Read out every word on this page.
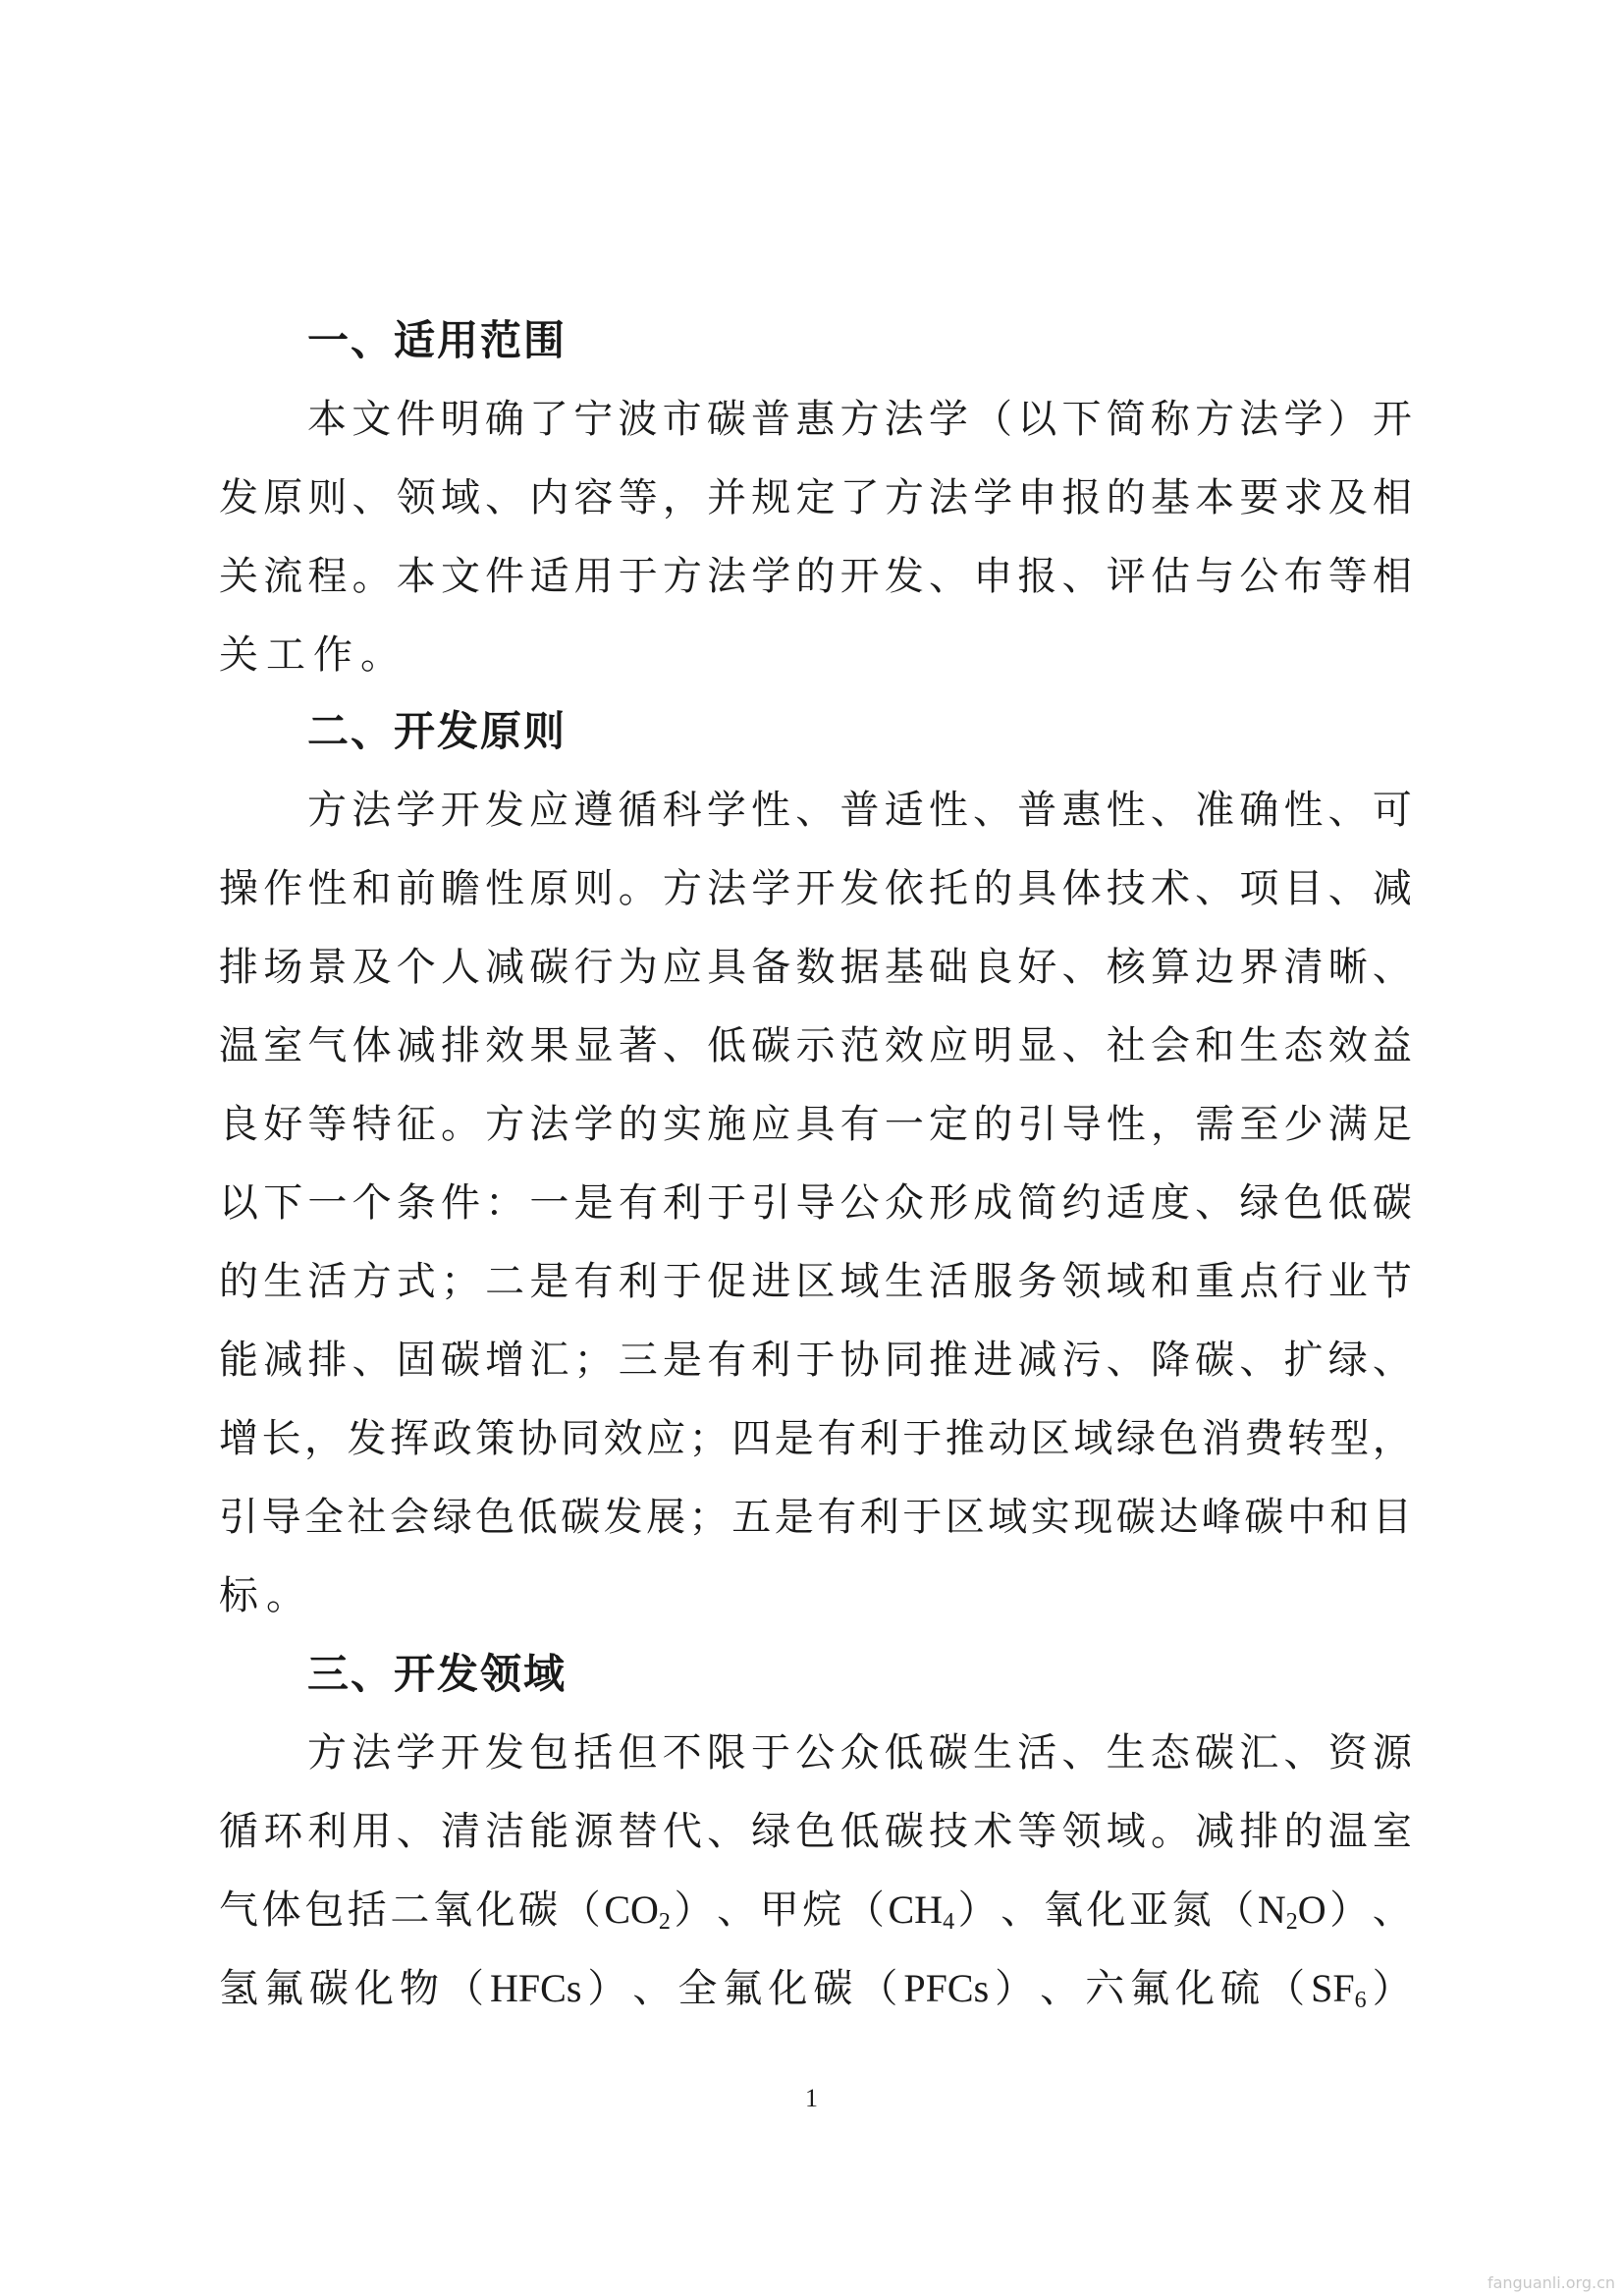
一、适用范围
本 文 件 明 确 了 宁 波 市 碳 普 惠 方 法 学 （ 以 下 简 称 方 法 学 ） 开
发 原 则 、 领 域 、 内 容 等 ， 并 规 定 了 方 法 学 申 报 的 基 本 要 求 及 相
关 流 程 。 本 文 件 适 用 于 方 法 学 的 开 发 、 申 报 、 评 估 与 公 布 等 相
关 工 作 。
二、开发原则
方 法 学 开 发 应 遵 循 科 学 性 、 普 适 性 、 普 惠 性 、 准 确 性 、 可
操 作 性 和 前 瞻 性 原 则 。 方 法 学 开 发 依 托 的 具 体 技 术 、 项 目 、 减
排 场 景 及 个 人 减 碳 行 为 应 具 备 数 据 基 础 良 好 、 核 算 边 界 清 晰 、
温 室 气 体 减 排 效 果 显 著 、 低 碳 示 范 效 应 明 显 、 社 会 和 生 态 效 益
良 好 等 特 征 。 方 法 学 的 实 施 应 具 有 一 定 的 引 导 性 ， 需 至 少 满 足
以 下 一 个 条 件 ： 一 是 有 利 于 引 导 公 众 形 成 简 约 适 度 、 绿 色 低 碳
的 生 活 方 式 ； 二 是 有 利 于 促 进 区 域 生 活 服 务 领 域 和 重 点 行 业 节
能 减 排 、 固 碳 增 汇 ； 三 是 有 利 于 协 同 推 进 减 污 、 降 碳 、 扩 绿 、
增 长 ， 发 挥 政 策 协 同 效 应 ； 四 是 有 利 于 推 动 区 域 绿 色 消 费 转 型 ，
引 导 全 社 会 绿 色 低 碳 发 展 ； 五 是 有 利 于 区 域 实 现 碳 达 峰 碳 中 和 目
标 。
三、开发领域
方 法 学 开 发 包 括 但 不 限 于 公 众 低 碳 生 活 、 生 态 碳 汇 、 资 源
循 环 利 用 、 清 洁 能 源 替 代 、 绿 色 低 碳 技 术 等 领 域 。 减 排 的 温 室
气 体 包 括 二 氧 化 碳 （ $CO_2$ ） 、 甲 烷 （ $CH_4$ ） 、 氧 化 亚 氮 （ $N_2O$ ） 、
氢 氟 碳 化 物 （ HFCs ） 、 全 氟 化 碳 （ PFCs ） 、 六 氟 化 硫 （ $SF_6$ ）
1
fanguanli.org.cn
